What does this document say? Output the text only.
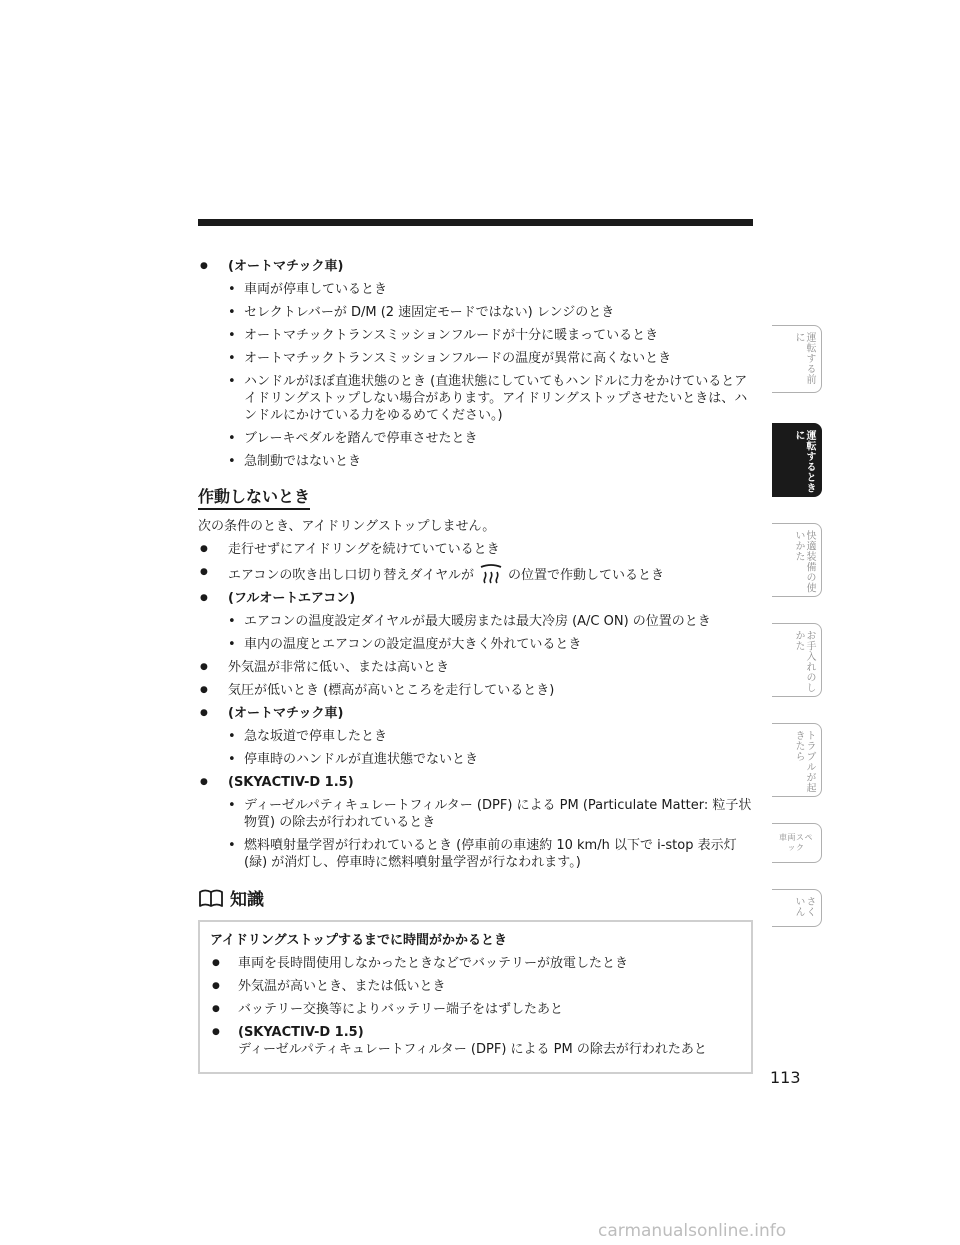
● (オートマチック車)
• 車両が停車しているとき
• セレクトレバーが D/M (2 速固定モードではない) レンジのとき
• オートマチックトランスミッションフルードが十分に暖まっているとき
• オートマチックトランスミッションフルードの温度が異常に高くないとき
• ハンドルがほぼ直進状態のとき (直進状態にしていてもハンドルに力をかけているとアイドリングストップしない場合があります。アイドリングストップさせたいときは、ハンドルにかけている力をゆるめてください。)
• ブレーキペダルを踏んで停車させたとき
• 急制動ではないとき
作動しないとき
次の条件のとき、アイドリングストップしません。
● 走行せずにアイドリングを続けていているとき
● エアコンの吹き出し口切り替えダイヤルが	の位置で作動しているとき
● (フルオートエアコン)
• エアコンの温度設定ダイヤルが最大暖房または最大冷房 (A/C ON) の位置のとき
• 車内の温度とエアコンの設定温度が大きく外れているとき
● 外気温が非常に低い、または高いとき
● 気圧が低いとき (標高が高いところを走行しているとき)
● (オートマチック車)
• 急な坂道で停車したとき
• 停車時のハンドルが直進状態でないとき
● (SKYACTIV-D 1.5)
• ディーゼルパティキュレートフィルター (DPF) による PM (Particulate Matter: 粒子状物質) の除去が行われているとき
• 燃料噴射量学習が行われているとき (停車前の車速約 10 km/h 以下で i-stop 表示灯 (緑) が消灯し、停車時に燃料噴射量学習が行なわれます。)
知識
アイドリングストップするまでに時間がかかるとき
● 車両を長時間使用しなかったときなどでバッテリーが放電したとき
● 外気温が高いとき、または低いとき
● バッテリー交換等によりバッテリー端子をはずしたあと
● (SKYACTIV-D 1.5)
ディーゼルパティキュレートフィルター (DPF) による PM の除去が行われたあと
運転する前に
運転するときに
快適装備の使いかた
お手入れのしかた
トラブルが起きたら
車両スペック
さくいん
113
carmanualsonline.info
